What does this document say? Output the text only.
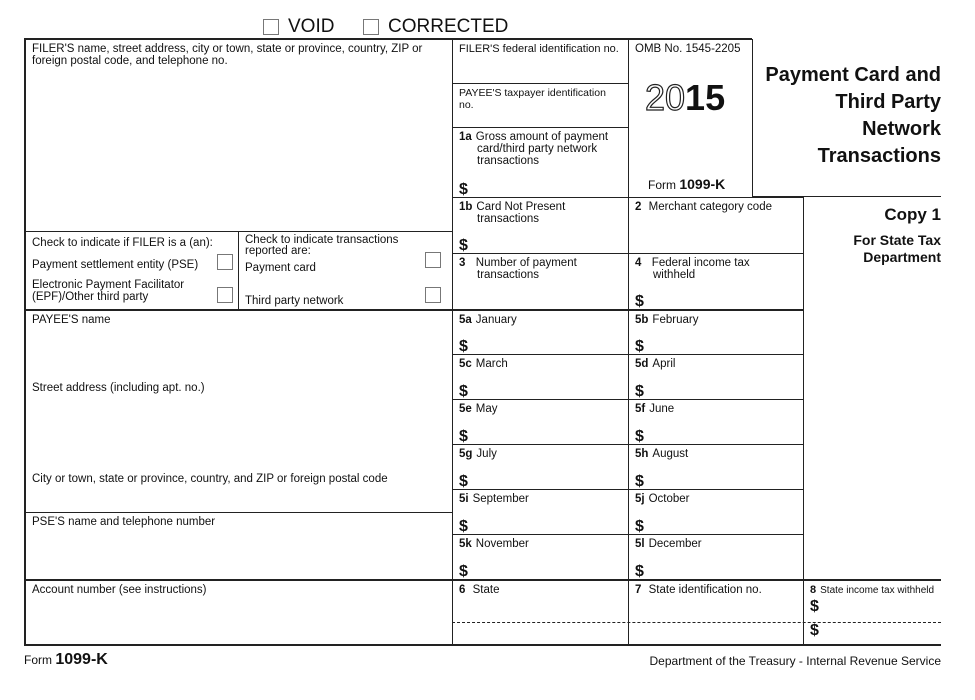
VOID	CORRECTED
FILER'S name, street address, city or town, state or province, country, ZIP or foreign postal code, and telephone no.
FILER'S federal identification no.
PAYEE'S taxpayer identification no.
1a Gross amount of payment
card/third party network
transactions
$
OMB No. 1545-2205
2015
Form 1099-K
Payment Card and
Third Party
Network
Transactions
Copy 1
For State Tax
Department
1b Card Not Present
transactions
$
2 Merchant category code
Check to indicate if FILER is a (an):
Payment settlement entity (PSE)
Electronic Payment Facilitator
(EPF)/Other third party
Check to indicate transactions
reported are:
Payment card
Third party network
3 Number of payment
transactions
4 Federal income tax
withheld
$
PAYEE'S name
Street address (including apt. no.)
City or town, state or province, country, and ZIP or foreign postal code
PSE'S name and telephone number
5a January
$
5b February
$
5c March
$
5d April
$
5e May
$
5f June
$
5g July
$
5h August
$
5i September
$
5j October
$
5k November
$
5l December
$
Account number (see instructions)	6 State	7 State identification no.	8 State income tax withheld
$
$
Form 1099-K	Department of the Treasury - Internal Revenue Service
